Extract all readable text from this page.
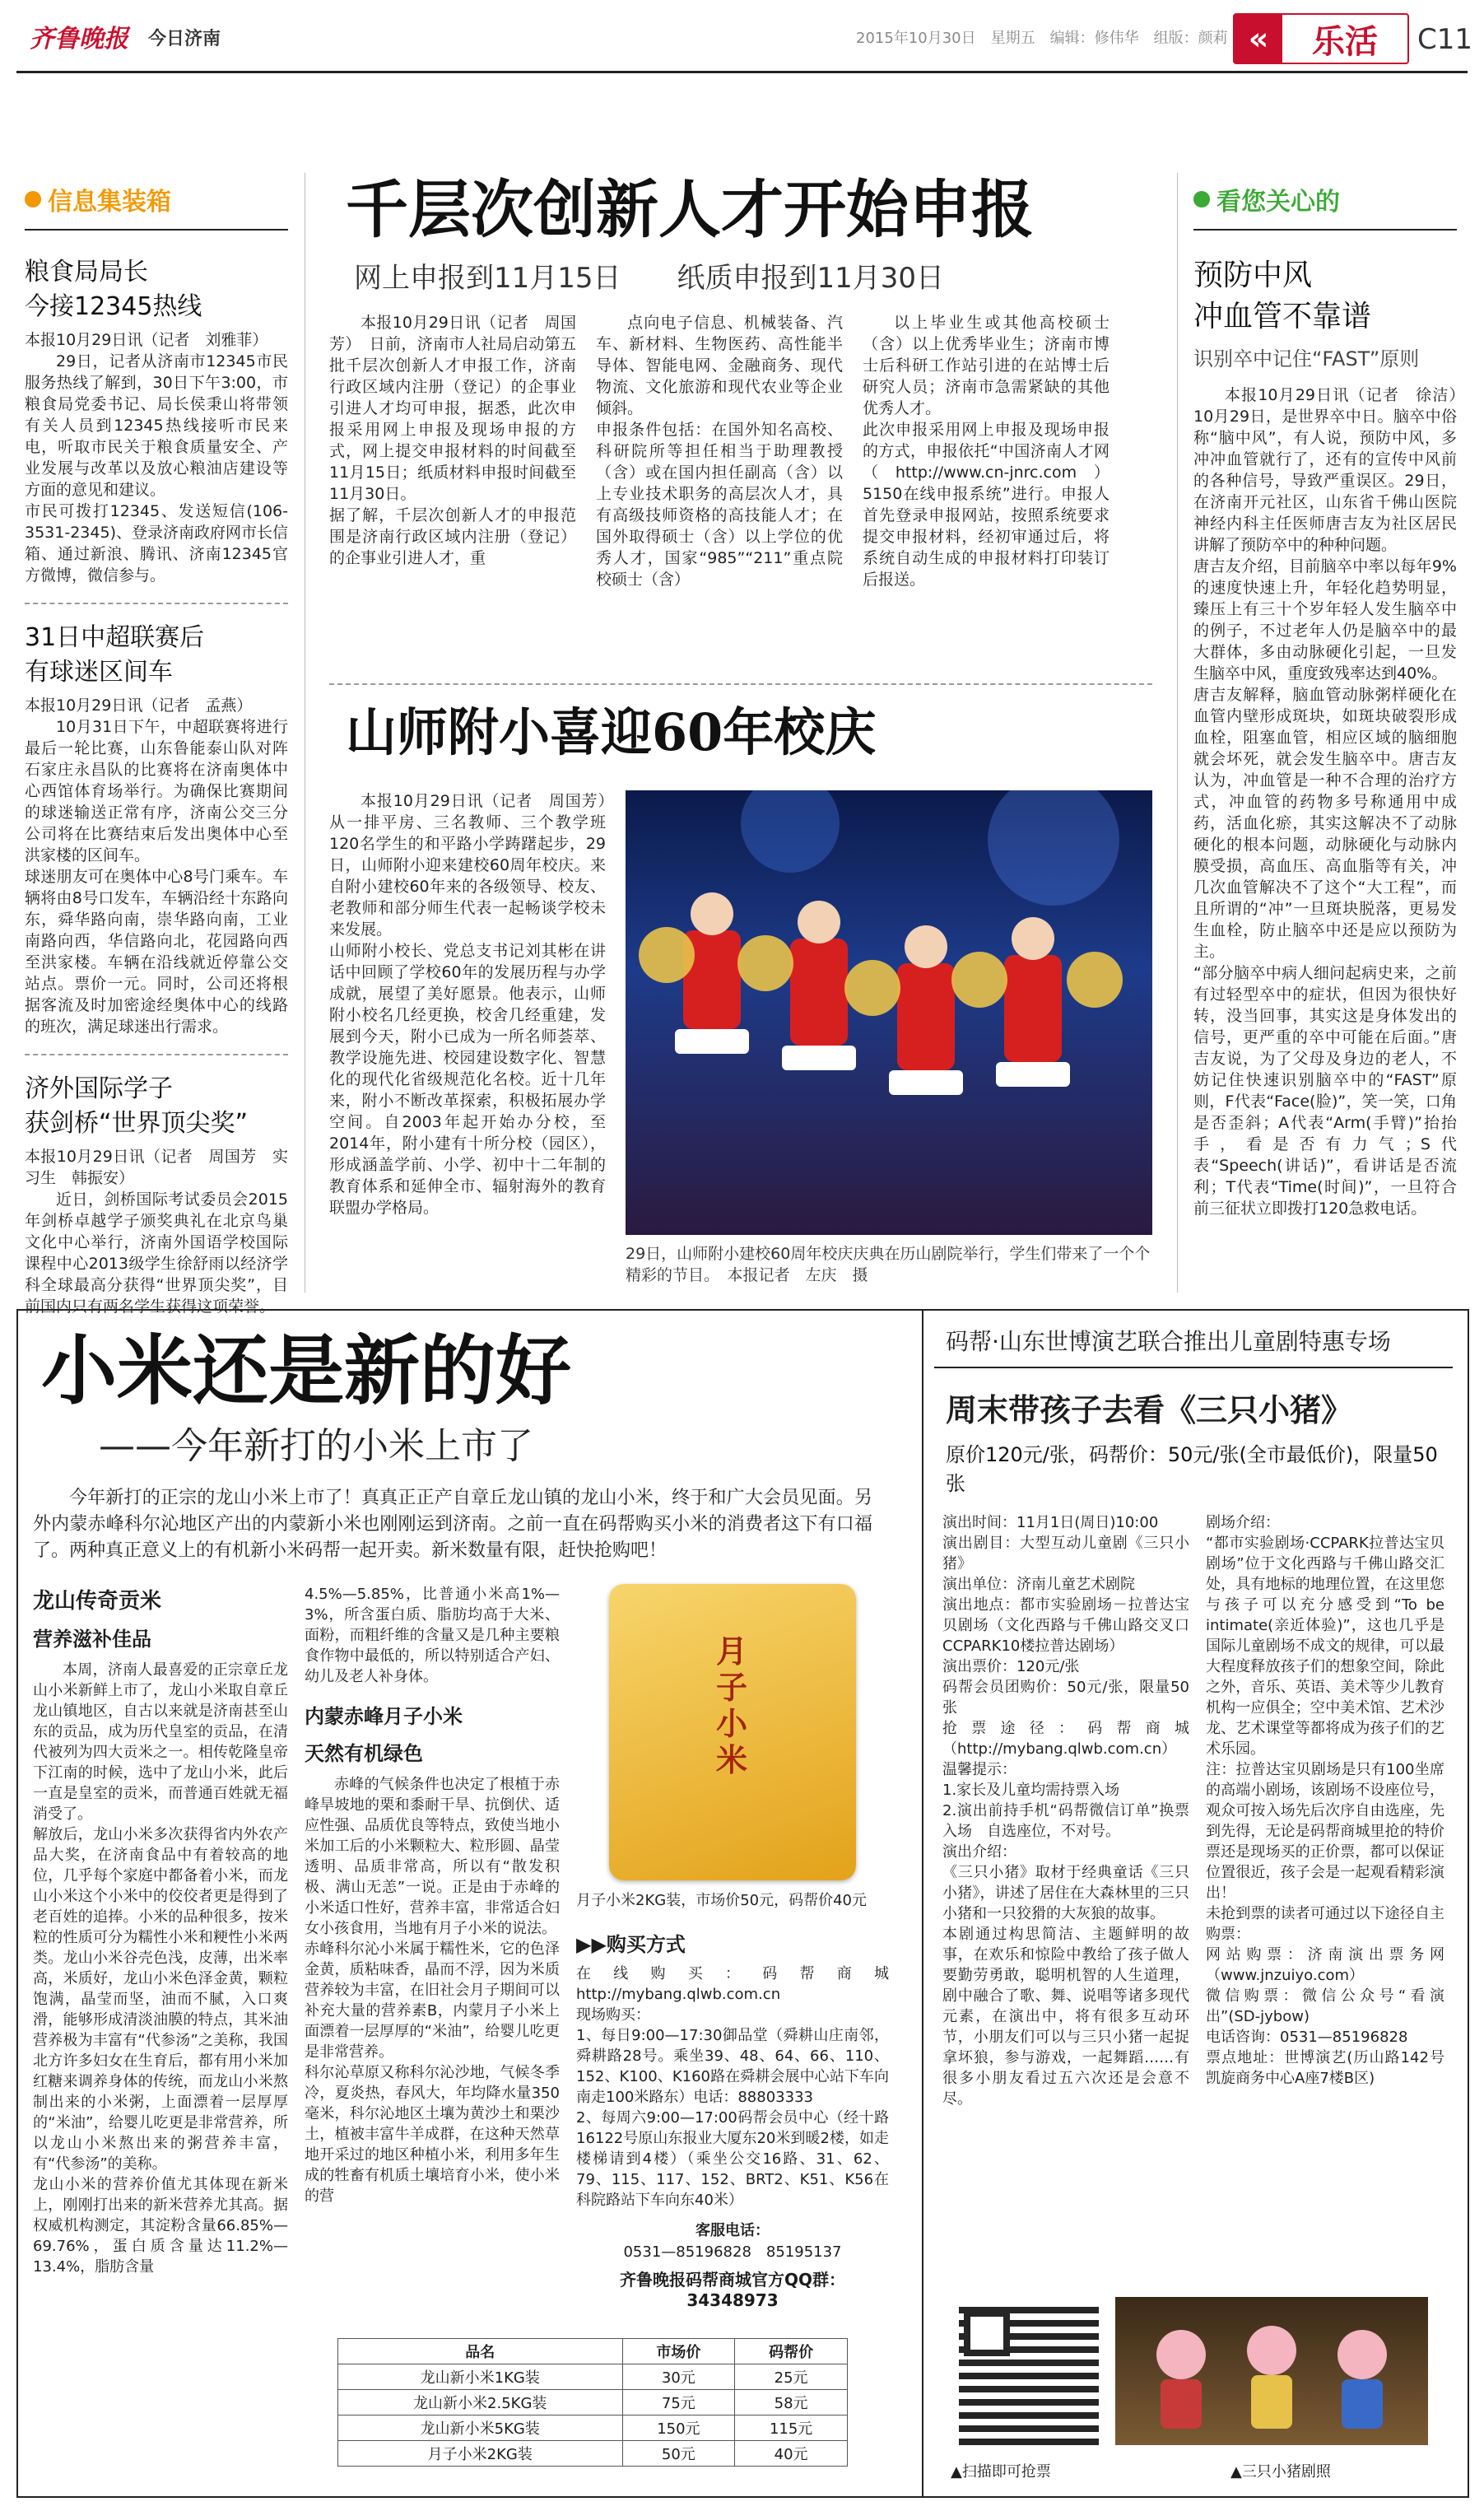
齐鲁晚报 今日济南	2015年10月30日　星期五　编辑：修伟华　组版：颜莉 «	乐活	C11
信息集装箱
粮食局局长
今接12345热线
本报10月29日讯（记者　刘雅菲）
29日，记者从济南市12345市民服务热线了解到，30日下午3:00，市粮食局党委书记、局长侯秉山将带领有关人员到12345热线接听市民来电，听取市民关于粮食质量安全、产业发展与改革以及放心粮油店建设等方面的意见和建议。
市民可拨打12345、发送短信(106-3531-2345)、登录济南政府网市长信箱、通过新浪、腾讯、济南12345官方微博，微信参与。
31日中超联赛后
有球迷区间车
本报10月29日讯（记者　孟燕）
10月31日下午，中超联赛将进行最后一轮比赛，山东鲁能泰山队对阵石家庄永昌队的比赛将在济南奥体中心西馆体育场举行。为确保比赛期间的球迷输送正常有序，济南公交三分公司将在比赛结束后发出奥体中心至洪家楼的区间车。
球迷朋友可在奥体中心8号门乘车。车辆将由8号口发车，车辆沿经十东路向东，舜华路向南，崇华路向南，工业南路向西，华信路向北，花园路向西至洪家楼。车辆在沿线就近停靠公交站点。票价一元。同时，公司还将根据客流及时加密途经奥体中心的线路的班次，满足球迷出行需求。
济外国际学子
获剑桥“世界顶尖奖”
本报10月29日讯（记者　周国芳　实习生　韩振安）
近日，剑桥国际考试委员会2015年剑桥卓越学子颁奖典礼在北京鸟巢文化中心举行，济南外国语学校国际课程中心2013级学生徐舒雨以经济学科全球最高分获得“世界顶尖奖”，目前国内只有两名学生获得这项荣誉。
千层次创新人才开始申报
网上申报到11月15日　　纸质申报到11月30日
本报10月29日讯（记者　周国芳）　日前，济南市人社局启动第五批千层次创新人才申报工作，济南行政区域内注册（登记）的企事业引进人才均可申报，据悉，此次申报采用网上申报及现场申报的方式，网上提交申报材料的时间截至11月15日；纸质材料申报时间截至11月30日。
据了解，千层次创新人才的申报范围是济南行政区域内注册（登记）的企事业引进人才，重
点向电子信息、机械装备、汽车、新材料、生物医药、高性能半导体、智能电网、金融商务、现代物流、文化旅游和现代农业等企业倾斜。
申报条件包括：在国外知名高校、科研院所等担任相当于助理教授（含）或在国内担任副高（含）以上专业技术职务的高层次人才，具有高级技师资格的高技能人才；在国外取得硕士（含）以上学位的优秀人才，国家“985”“211”重点院校硕士（含）
以上毕业生或其他高校硕士（含）以上优秀毕业生；济南市博士后科研工作站引进的在站博士后研究人员；济南市急需紧缺的其他优秀人才。
此次申报采用网上申报及现场申报的方式，申报依托“中国济南人才网（http://www.cn-jnrc.com）5150在线申报系统”进行。申报人首先登录申报网站，按照系统要求提交申报材料，经初审通过后，将系统自动生成的申报材料打印装订后报送。
山师附小喜迎60年校庆
本报10月29日讯（记者　周国芳）　从一排平房、三名教师、三个教学班120名学生的和平路小学踌躇起步，29日，山师附小迎来建校60周年校庆。来自附小建校60年来的各级领导、校友、老教师和部分师生代表一起畅谈学校未来发展。
山师附小校长、党总支书记刘其彬在讲话中回顾了学校60年的发展历程与办学成就，展望了美好愿景。他表示，山师附小校名几经更换，校舍几经重建，发展到今天，附小已成为一所名师荟萃、教学设施先进、校园建设数字化、智慧化的现代化省级规范化名校。近十几年来，附小不断改革探索，积极拓展办学空间。自2003年起开始办分校，至2014年，附小建有十所分校（园区），形成涵盖学前、小学、初中十二年制的教育体系和延伸全市、辐射海外的教育联盟办学格局。
29日，山师附小建校60周年校庆庆典在历山剧院举行，学生们带来了一个个精彩的节目。　本报记者　左庆　摄
看您关心的
预防中风
冲血管不靠谱
识别卒中记住“FAST”原则
本报10月29日讯（记者　徐洁）　10月29日，是世界卒中日。脑卒中俗称“脑中风”，有人说，预防中风，多冲冲血管就行了，还有的宣传中风前的各种信号，导致严重误区。29日，在济南开元社区，山东省千佛山医院神经内科主任医师唐吉友为社区居民讲解了预防卒中的种种问题。
唐吉友介绍，目前脑卒中率以每年9%的速度快速上升，年轻化趋势明显，臻压上有三十个岁年轻人发生脑卒中的例子，不过老年人仍是脑卒中的最大群体，多由动脉硬化引起，一旦发生脑卒中风，重度致残率达到40%。
唐吉友解释，脑血管动脉粥样硬化在血管内壁形成斑块，如斑块破裂形成血栓，阻塞血管，相应区域的脑细胞就会坏死，就会发生脑卒中。唐吉友认为，冲血管是一种不合理的治疗方式，冲血管的药物多号称通用中成药，活血化瘀，其实这解决不了动脉硬化的根本问题，动脉硬化与动脉内膜受损，高血压、高血脂等有关，冲几次血管解决不了这个“大工程”，而且所谓的“冲”一旦斑块脱落，更易发生血栓，防止脑卒中还是应以预防为主。
“部分脑卒中病人细问起病史来，之前有过轻型卒中的症状，但因为很快好转，没当回事，其实这是身体发出的信号，更严重的卒中可能在后面。”唐吉友说，为了父母及身边的老人，不妨记住快速识别脑卒中的“FAST”原则，F代表“Face(脸)”，笑一笑，口角是否歪斜；A代表“Arm(手臂)”抬抬手，看是否有力气；S代表“Speech(讲话)”，看讲话是否流利；T代表“Time(时间)”，一旦符合前三征状立即拨打120急救电话。
小米还是新的好
——今年新打的小米上市了
今年新打的正宗的龙山小米上市了！真真正正产自章丘龙山镇的龙山小米，终于和广大会员见面。另外内蒙赤峰科尔沁地区产出的内蒙新小米也刚刚运到济南。之前一直在码帮购买小米的消费者这下有口福了。两种真正意义上的有机新小米码帮一起开卖。新米数量有限，赶快抢购吧！
龙山传奇贡米
营养滋补佳品
本周，济南人最喜爱的正宗章丘龙山小米新鲜上市了，龙山小米取自章丘龙山镇地区，自古以来就是济南甚至山东的贡品，成为历代皇室的贡品，在清代被列为四大贡米之一。相传乾隆皇帝下江南的时候，选中了龙山小米，此后一直是皇室的贡米，而普通百姓就无福消受了。
解放后，龙山小米多次获得省内外农产品大奖，在济南食品中有着较高的地位，几乎每个家庭中都备着小米，而龙山小米这个小米中的佼佼者更是得到了老百姓的追捧。小米的品种很多，按米粒的性质可分为糯性小米和粳性小米两类。龙山小米谷壳色浅，皮薄，出米率高，米质好，龙山小米色泽金黄，颗粒饱满，晶莹而坚，油而不腻，入口爽滑，能够形成清淡油膜的特点，其米油营养极为丰富有“代参汤”之美称，我国北方许多妇女在生育后，都有用小米加红糖来调养身体的传统，而龙山小米熬制出来的小米粥，上面漂着一层厚厚的“米油”，给婴儿吃更是非常营养，所以龙山小米熬出来的粥营养丰富，有“代参汤”的美称。
龙山小米的营养价值尤其体现在新米上，刚刚打出来的新米营养尤其高。据权威机构测定，其淀粉含量66.85%—69.76%，蛋白质含量达11.2%—13.4%，脂肪含量
4.5%—5.85%，比普通小米高1%—3%，所含蛋白质、脂肪均高于大米、面粉，而粗纤维的含量又是几种主要粮食作物中最低的，所以特别适合产妇、幼儿及老人补身体。
内蒙赤峰月子小米
天然有机绿色
赤峰的气候条件也决定了根植于赤峰旱坡地的栗和黍耐干旱、抗倒伏、适应性强、品质优良等特点，致使当地小米加工后的小米颗粒大、粒形圆、晶莹透明、品质非常高，所以有“散发积极、满山无恙”一说。正是由于赤峰的小米适口性好，营养丰富，非常适合妇女小孩食用，当地有月子小米的说法。
赤峰科尔沁小米属于糯性米，它的色泽金黄，质粘味香，晶而不浮，因为米质营养较为丰富，在旧社会月子期间可以补充大量的营养素B，内蒙月子小米上面漂着一层厚厚的“米油”，给婴儿吃更是非常营养。
科尔沁草原又称科尔沁沙地，气候冬季冷，夏炎热，春风大，年均降水量350毫米，科尔沁地区土壤为黄沙土和栗沙土，植被丰富牛羊成群，在这种天然草地开采过的地区种植小米，利用多年生成的牲畜有机质土壤培育小米，使小米的营
月子小米
月子小米2KG装，市场价50元，码帮价40元
▶▶购买方式
在线购买：码帮商城http://mybang.qlwb.com.cn
现场购买：
1、每日9:00—17:30御品堂（舜耕山庄南邻，舜耕路28号。乘坐39、48、64、66、110、152、K100、K160路在舜耕会展中心站下车向南走100米路东）电话：88803333
2、每周六9:00—17:00码帮会员中心（经十路16122号原山东报业大厦东20米到暖2楼，如走楼梯请到4楼）（乘坐公交16路、31、62、79、115、117、152、BRT2、K51、K56在科院路站下车向东40米）
客服电话：
0531—85196828　85195137
齐鲁晚报码帮商城官方QQ群：34348973
品名	市场价	码帮价
龙山新小米1KG装	30元	25元
龙山新小米2.5KG装	75元	58元
龙山新小米5KG装	150元	115元
月子小米2KG装	50元	40元
码帮·山东世博演艺联合推出儿童剧特惠专场
周末带孩子去看《三只小猪》
原价120元/张，码帮价：50元/张(全市最低价)，限量50张
演出时间：11月1日(周日)10:00
演出剧目：大型互动儿童剧《三只小猪》
演出单位：济南儿童艺术剧院
演出地点：都市实验剧场－拉普达宝贝剧场（文化西路与千佛山路交叉口CCPARK10楼拉普达剧场）
演出票价：120元/张
码帮会员团购价：50元/张，限量50张
抢票途径：码帮商城（http://mybang.qlwb.com.cn）
温馨提示：
1.家长及儿童均需持票入场
2.演出前持手机“码帮微信订单”换票入场　自选座位，不对号。
演出介绍：
《三只小猪》取材于经典童话《三只小猪》，讲述了居住在大森林里的三只小猪和一只狡猾的大灰狼的故事。
本剧通过构思简洁、主题鲜明的故事，在欢乐和惊险中教给了孩子做人要勤劳勇敢，聪明机智的人生道理，剧中融合了歌、舞、说唱等诸多现代元素，在演出中，将有很多互动环节，小朋友们可以与三只小猪一起捉拿坏狼，参与游戏，一起舞蹈……有很多小朋友看过五六次还是会意不尽。
剧场介绍：
“都市实验剧场·CCPARK拉普达宝贝剧场”位于文化西路与千佛山路交汇处，具有地标的地理位置，在这里您与孩子可以充分感受到“To be intimate(亲近体验)”，这也几乎是国际儿童剧场不成文的规律，可以最大程度释放孩子们的想象空间，除此之外，音乐、英语、美术等少儿教育机构一应俱全；空中美术馆、艺术沙龙、艺术课堂等都将成为孩子们的艺术乐园。
注：拉普达宝贝剧场是只有100坐席的高端小剧场，该剧场不设座位号，观众可按入场先后次序自由选座，先到先得，无论是码帮商城里抢的特价票还是现场买的正价票，都可以保证位置很近，孩子会是一起观看精彩演出！
未抢到票的读者可通过以下途径自主购票：
网站购票：济南演出票务网（www.jnzuiyo.com）
微信购票：微信公众号“看演出”(SD-jybow)
电话咨询：0531—85196828
票点地址：世博演艺(历山路142号凯旋商务中心A座7楼B区)
▲扫描即可抢票	▲三只小猪剧照
